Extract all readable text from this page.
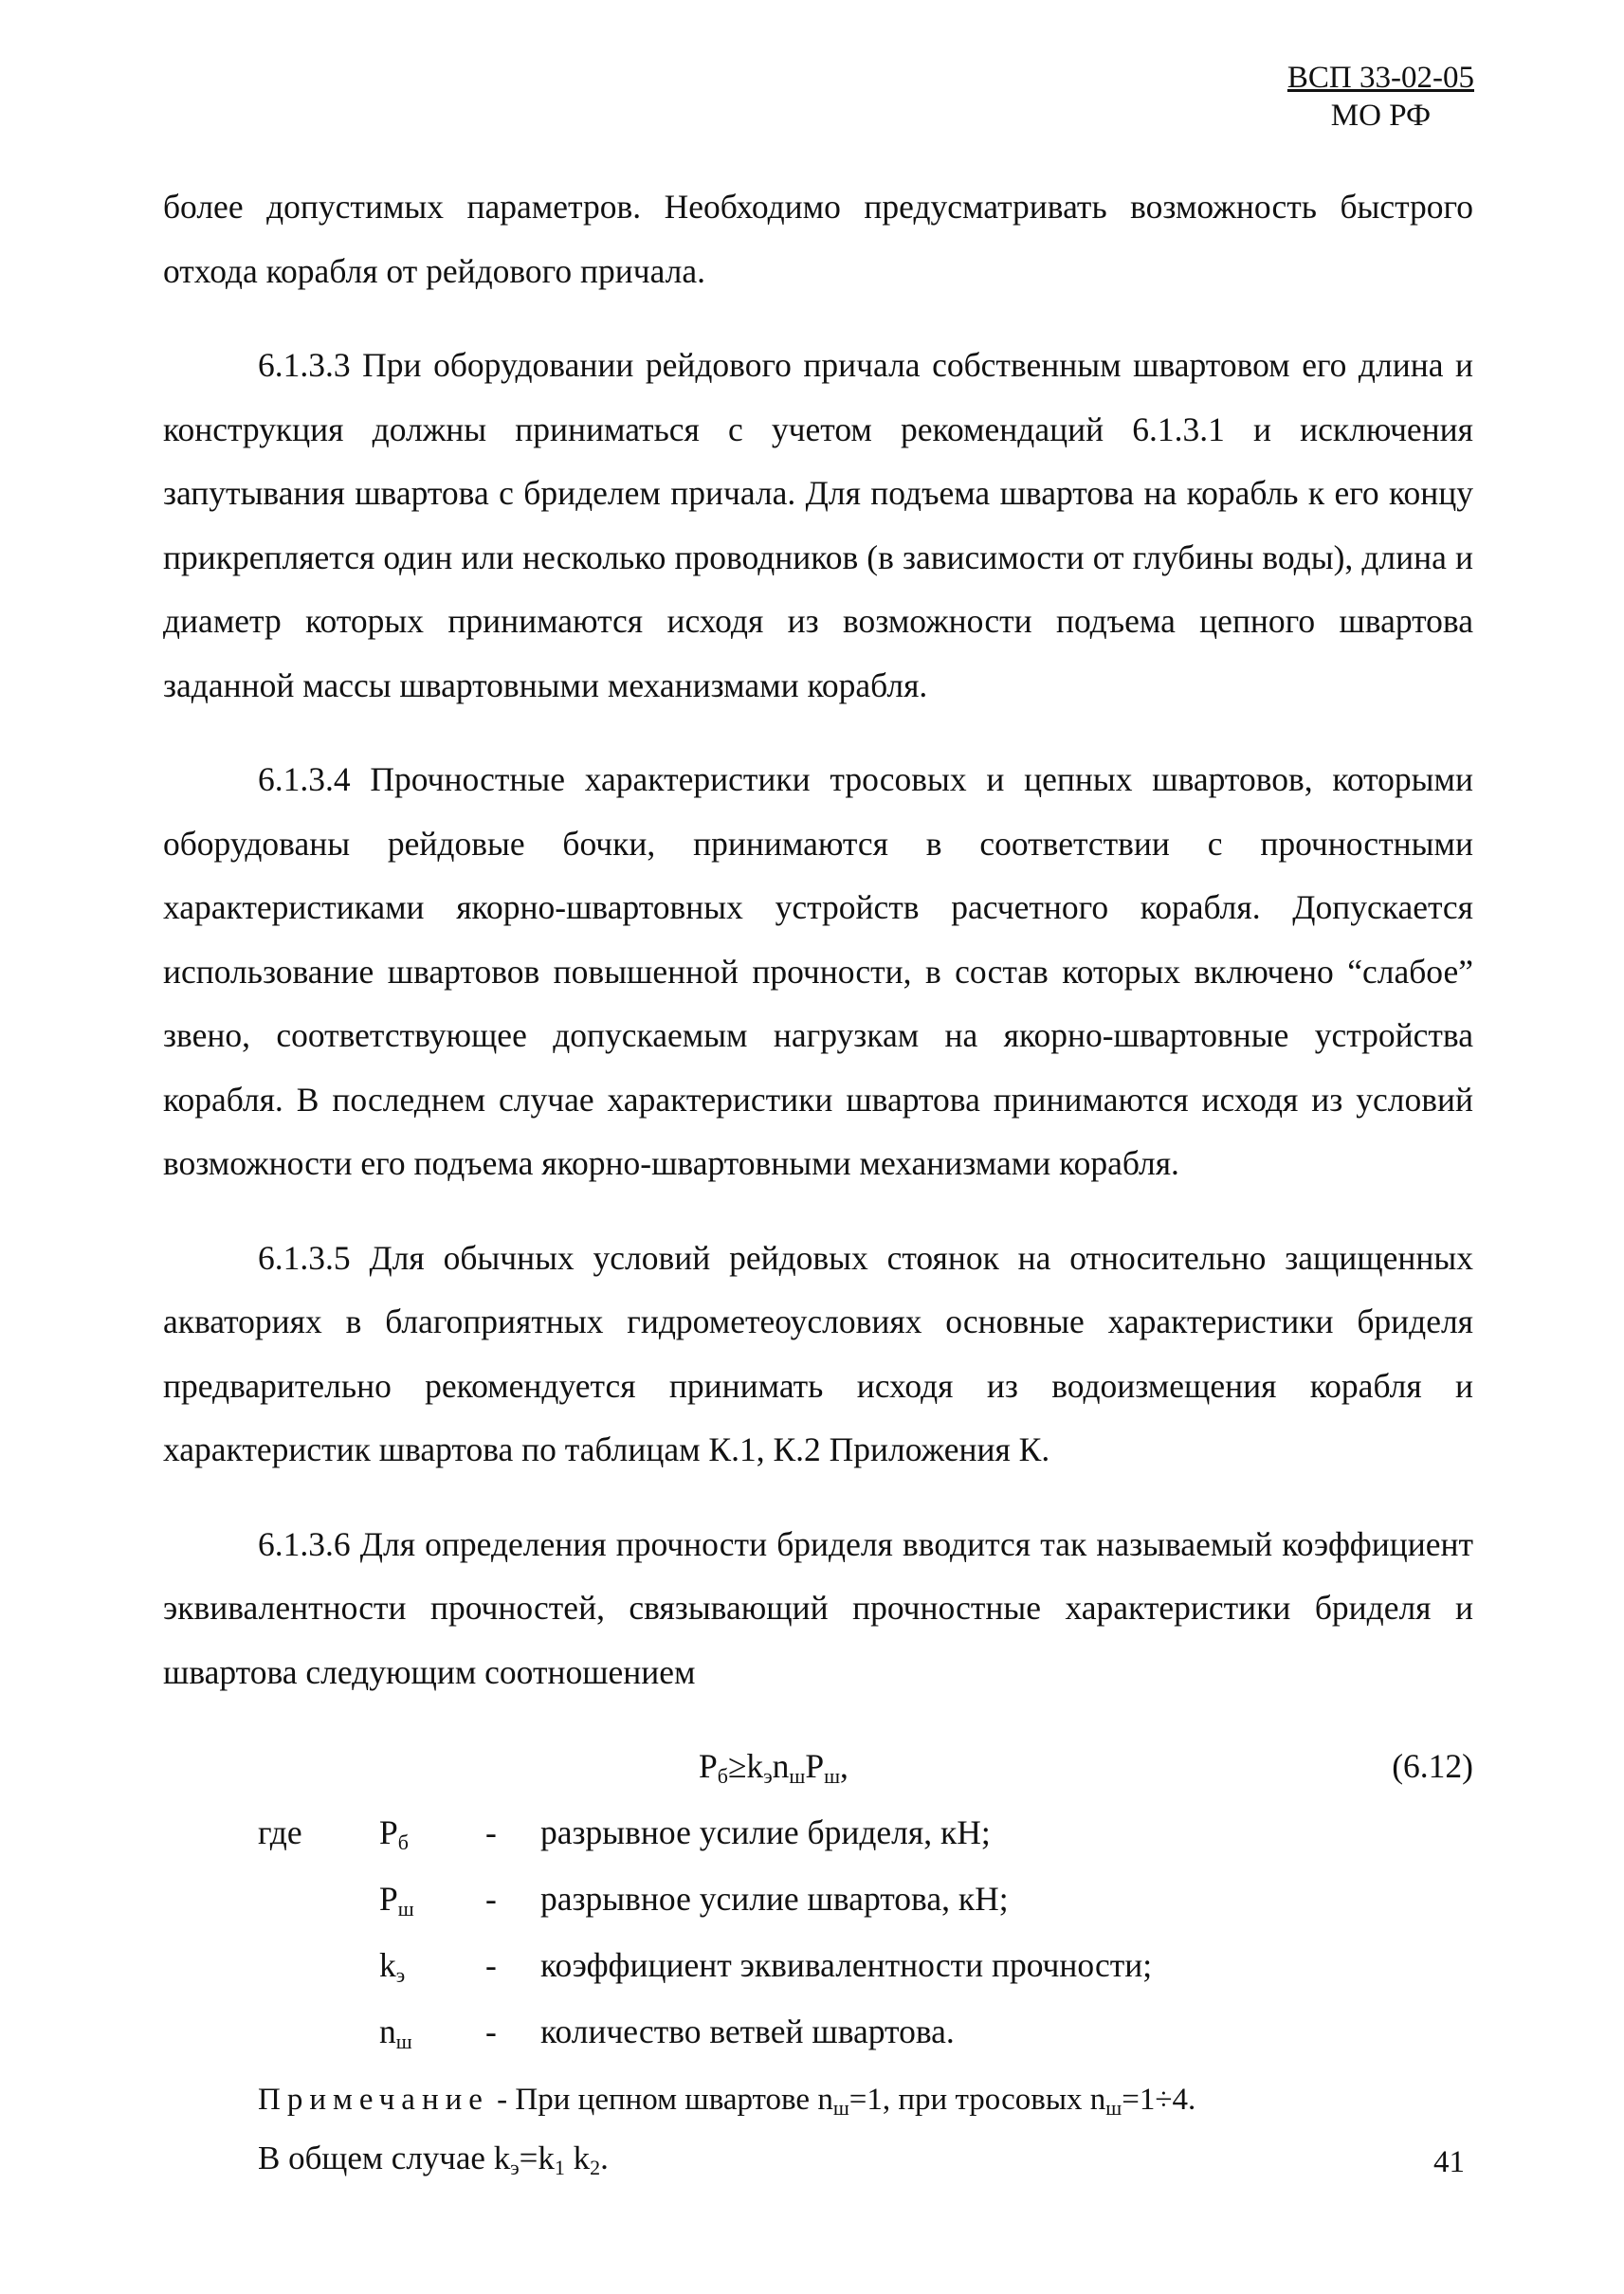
ВСП 33-02-05
МО РФ

более допустимых параметров. Необходимо предусматривать возможность быстрого отхода корабля от рейдового причала.

6.1.3.3 При оборудовании рейдового причала собственным швартовом его длина и конструкция должны приниматься с учетом рекомендаций 6.1.3.1 и исключения запутывания швартова с бриделем причала. Для подъема швартова на корабль к его концу прикрепляется один или несколько проводников (в зависимости от глубины воды), длина и диаметр которых принимаются исходя из возможности подъема цепного швартова заданной массы швартовными механизмами корабля.

6.1.3.4 Прочностные характеристики тросовых и цепных швартовов, которыми оборудованы рейдовые бочки, принимаются в соответствии с прочностными характеристиками якорно-швартовных устройств расчетного корабля. Допускается использование швартовов повышенной прочности, в состав которых включено “слабое” звено, соответствующее допускаемым нагрузкам на якорно-швартовные устройства корабля. В последнем случае характеристики швартова принимаются исходя из условий возможности его подъема якорно-швартовными механизмами корабля.

6.1.3.5 Для обычных условий рейдовых стоянок на относительно защищенных акваториях в благоприятных гидрометеоусловиях основные характеристики бриделя предварительно рекомендуется принимать исходя из водоизмещения корабля и характеристик швартова по таблицам К.1, К.2 Приложения К.

6.1.3.6 Для определения прочности бриделя вводится так называемый коэффициент эквивалентности прочностей, связывающий прочностные характеристики бриделя и швартова следующим соотношением

$P_б\ge k_эn_шP_ш$,	(6.12)
где $P_б$ - разрывное усилие бриделя, кН;
$P_ш$ - разрывное усилие швартова, кН;
$k_э$ - коэффициент эквивалентности прочности;
$n_ш$ - количество ветвей швартова.
Примечание - При цепном швартове $n_ш=1$, при тросовых $n_ш=1\div 4$.
В общем случае $k_э=k_1$ $k_2$.	41
